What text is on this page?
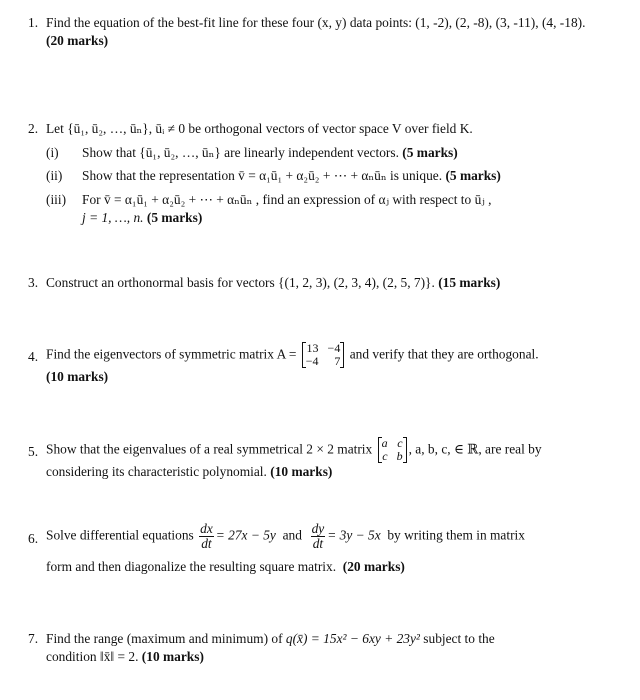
1. Find the equation of the best-fit line for these four (x, y) data points: (1, -2), (2, -8), (3, -11), (4, -18).
(20 marks)
2. Let {ū₁, ū₂, …, ūₙ}, ūᵢ ≠ 0 be orthogonal vectors of vector space V over field K.
(i) Show that {ū₁, ū₂, …, ūₙ} are linearly independent vectors. (5 marks)
(ii) Show that the representation v̄ = α₁ū₁ + α₂ū₂ + ⋯ + αₙūₙ is unique. (5 marks)
(iii) For v̄ = α₁ū₁ + α₂ū₂ + ⋯ + αₙūₙ , find an expression of αⱼ with respect to ūⱼ ,
j = 1, …, n. (5 marks)
3. Construct an orthonormal basis for vectors {(1, 2, 3), (2, 3, 4), (2, 5, 7)}. (15 marks)
4. Find the eigenvectors of symmetric matrix A = 13 −4
−4	7 and verify that they are orthogonal.
(10 marks)
5. Show that the eigenvalues of a real symmetrical 2 × 2 matrix a c
c b , a, b, c, ∈ ℝ, are real by
considering its characteristic polynomial. (10 marks)
6. Solve differential equations $\frac{dx}{dt} = 27x - 5y$ and $\frac{dy}{dt} = 3y - 5x$ by writing them in matrix
form and then diagonalize the resulting square matrix. (20 marks)
7. Find the range (maximum and minimum) of q(x̄) = 15x² − 6xy + 23y² subject to the
condition ‖x̄‖ = 2. (10 marks)
